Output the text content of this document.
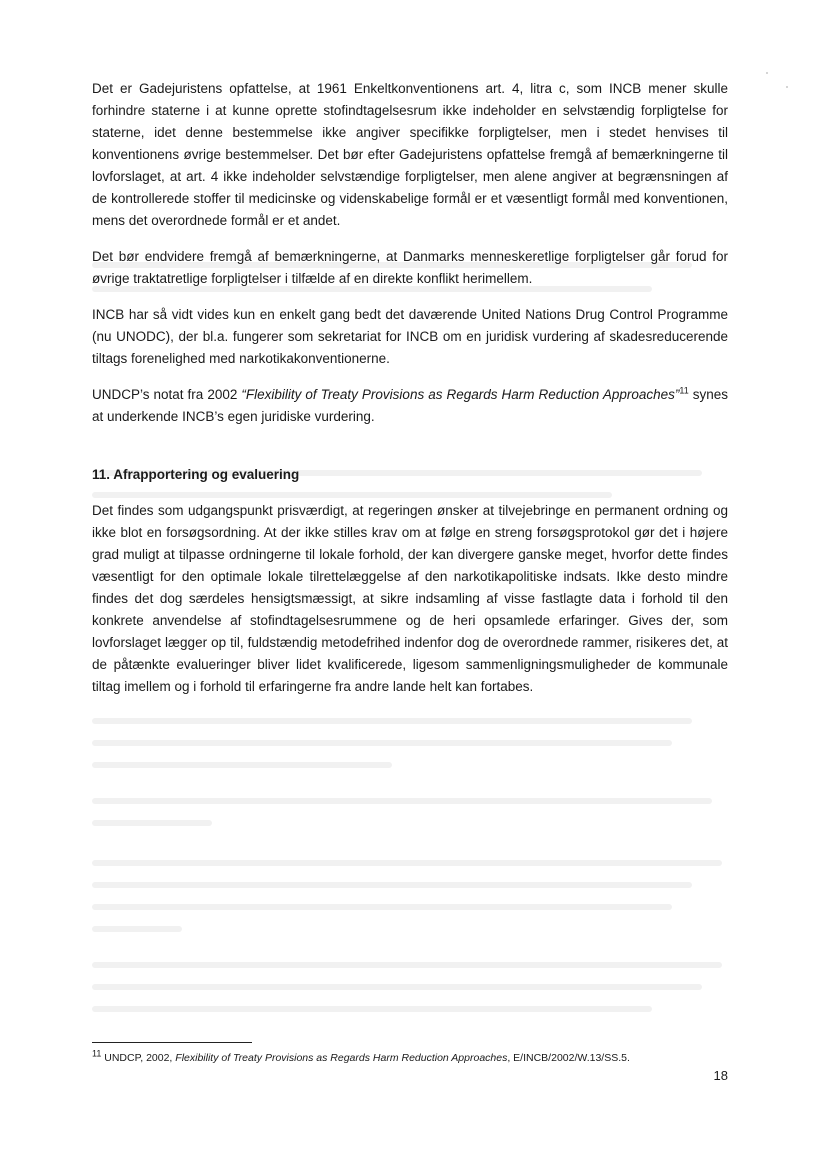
Det er Gadejuristens opfattelse, at 1961 Enkeltkonventionens art. 4, litra c, som INCB mener skulle forhindre staterne i at kunne oprette stofindtagelsesrum ikke indeholder en selvstændig forpligtelse for staterne, idet denne bestemmelse ikke angiver specifikke forpligtelser, men i stedet henvises til konventionens øvrige bestemmelser. Det bør efter Gadejuristens opfattelse fremgå af bemærkningerne til lovforslaget, at art. 4 ikke indeholder selvstændige forpligtelser, men alene angiver at begrænsningen af de kontrollerede stoffer til medicinske og videnskabelige formål er et væsentligt formål med konventionen, mens det overordnede formål er et andet.

Det bør endvidere fremgå af bemærkningerne, at Danmarks menneskeretlige forpligtelser går forud for øvrige traktatretlige forpligtelser i tilfælde af en direkte konflikt herimellem.

INCB har så vidt vides kun en enkelt gang bedt det daværende United Nations Drug Control Programme (nu UNODC), der bl.a. fungerer som sekretariat for INCB om en juridisk vurdering af skadesreducerende tiltags forenelighed med narkotikakonventionerne.

UNDCP’s notat fra 2002 “Flexibility of Treaty Provisions as Regards Harm Reduction Approaches”$^{11}$ synes at underkende INCB’s egen juridiske vurdering.

11. Afrapportering og evaluering

Det findes som udgangspunkt prisværdigt, at regeringen ønsker at tilvejebringe en permanent ordning og ikke blot en forsøgsordning. At der ikke stilles krav om at følge en streng forsøgsprotokol gør det i højere grad muligt at tilpasse ordningerne til lokale forhold, der kan divergere ganske meget, hvorfor dette findes væsentligt for den optimale lokale tilrettelæggelse af den narkotikapolitiske indsats. Ikke desto mindre findes det dog særdeles hensigtsmæssigt, at sikre indsamling af visse fastlagte data i forhold til den konkrete anvendelse af stofindtagelsesrummene og de heri opsamlede erfaringer. Gives der, som lovforslaget lægger op til, fuldstændig metodefrihed indenfor dog de overordnede rammer, risikeres det, at de påtænkte evalueringer bliver lidet kvalificerede, ligesom sammenligningsmuligheder de kommunale tiltag imellem og i forhold til erfaringerne fra andre lande helt kan fortabes.

$^{11}$ UNDCP, 2002, Flexibility of Treaty Provisions as Regards Harm Reduction Approaches, E/INCB/2002/W.13/SS.5.
18
